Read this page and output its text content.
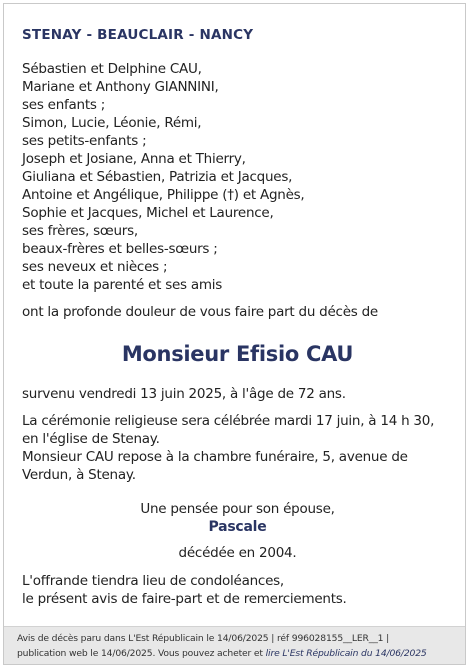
STENAY - BEAUCLAIR - NANCY
Sébastien et Delphine CAU,
Mariane et Anthony GIANNINI,
ses enfants ;
Simon, Lucie, Léonie, Rémi,
ses petits-enfants ;
Joseph et Josiane, Anna et Thierry,
Giuliana et Sébastien, Patrizia et Jacques,
Antoine et Angélique, Philippe (†) et Agnès,
Sophie et Jacques, Michel et Laurence,
ses frères, sœurs,
beaux-frères et belles-sœurs ;
ses neveux et nièces ;
et toute la parenté et ses amis
ont la profonde douleur de vous faire part du décès de
Monsieur Efisio CAU
survenu vendredi 13 juin 2025, à l'âge de 72 ans.
La cérémonie religieuse sera célébrée mardi 17 juin, à 14 h 30, en l'église de Stenay.
Monsieur CAU repose à la chambre funéraire, 5, avenue de Verdun, à Stenay.
Une pensée pour son épouse,
Pascale
décédée en 2004.
L'offrande tiendra lieu de condoléances,
le présent avis de faire-part et de remerciements.
Avis de décès paru dans L'Est Républicain le 14/06/2025 | réf 996028155__LER__1 |
publication web le 14/06/2025. Vous pouvez acheter et lire L'Est Républicain du 14/06/2025
